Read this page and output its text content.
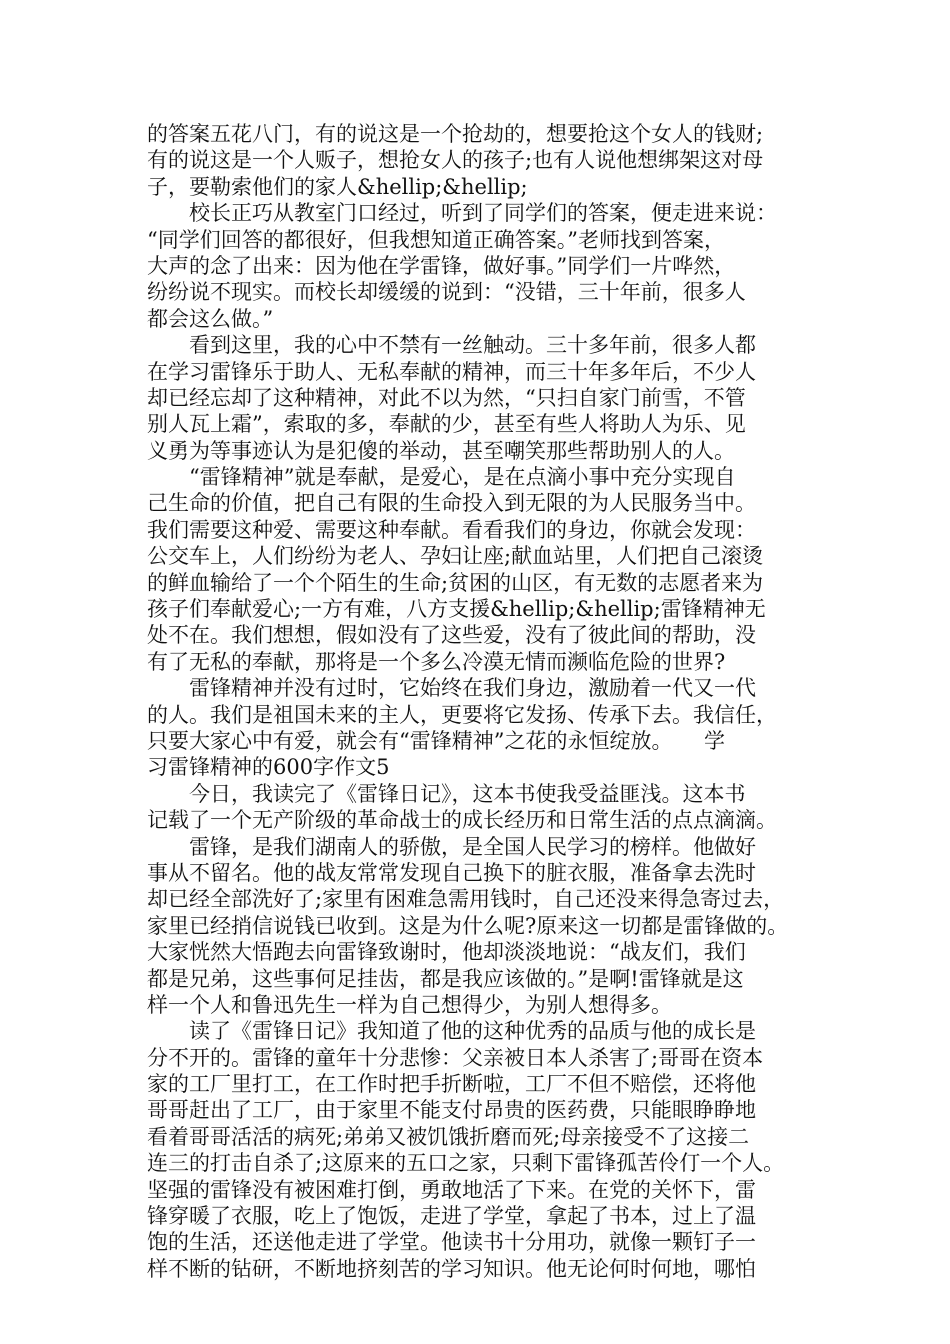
的答案五花八门，有的说这是一个抢劫的，想要抢这个女人的钱财;
有的说这是一个人贩子，想抢女人的孩子;也有人说他想绑架这对母
子，要勒索他们的家人&hellip;&hellip;
　　校长正巧从教室门口经过，听到了同学们的答案，便走进来说：
“同学们回答的都很好，但我想知道正确答案。”老师找到答案，
大声的念了出来：因为他在学雷锋，做好事。”同学们一片哗然，
纷纷说不现实。而校长却缓缓的说到：“没错，三十年前，很多人
都会这么做。”
　　看到这里，我的心中不禁有一丝触动。三十多年前，很多人都
在学习雷锋乐于助人、无私奉献的精神，而三十年多年后，不少人
却已经忘却了这种精神，对此不以为然，“只扫自家门前雪，不管
别人瓦上霜”，索取的多，奉献的少，甚至有些人将助人为乐、见
义勇为等事迹认为是犯傻的举动，甚至嘲笑那些帮助别人的人。
　　“雷锋精神”就是奉献，是爱心，是在点滴小事中充分实现自
己生命的价值，把自己有限的生命投入到无限的为人民服务当中。
我们需要这种爱、需要这种奉献。看看我们的身边，你就会发现：
公交车上，人们纷纷为老人、孕妇让座;献血站里，人们把自己滚烫
的鲜血输给了一个个陌生的生命;贫困的山区，有无数的志愿者来为
孩子们奉献爱心;一方有难，八方支援&hellip;&hellip;雷锋精神无
处不在。我们想想，假如没有了这些爱，没有了彼此间的帮助，没
有了无私的奉献，那将是一个多么冷漠无情而濒临危险的世界?
　　雷锋精神并没有过时，它始终在我们身边，激励着一代又一代
的人。我们是祖国未来的主人，更要将它发扬、传承下去。我信任，
只要大家心中有爱，就会有“雷锋精神”之花的永恒绽放。　　学
习雷锋精神的600字作文5
　　今日，我读完了《雷锋日记》，这本书使我受益匪浅。这本书
记载了一个无产阶级的革命战士的成长经历和日常生活的点点滴滴。
　　雷锋，是我们湖南人的骄傲，是全国人民学习的榜样。他做好
事从不留名。他的战友常常发现自己换下的脏衣服，准备拿去洗时
却已经全部洗好了;家里有困难急需用钱时，自己还没来得急寄过去，
家里已经捎信说钱已收到。这是为什么呢?原来这一切都是雷锋做的。
大家恍然大悟跑去向雷锋致谢时，他却淡淡地说：“战友们，我们
都是兄弟，这些事何足挂齿，都是我应该做的。”是啊!雷锋就是这
样一个人和鲁迅先生一样为自己想得少，为别人想得多。
　　读了《雷锋日记》我知道了他的这种优秀的品质与他的成长是
分不开的。雷锋的童年十分悲惨：父亲被日本人杀害了;哥哥在资本
家的工厂里打工，在工作时把手折断啦，工厂不但不赔偿，还将他
哥哥赶出了工厂，由于家里不能支付昂贵的医药费，只能眼睁睁地
看着哥哥活活的病死;弟弟又被饥饿折磨而死;母亲接受不了这接二
连三的打击自杀了;这原来的五口之家，只剩下雷锋孤苦伶仃一个人。
坚强的雷锋没有被困难打倒，勇敢地活了下来。在党的关怀下，雷
锋穿暖了衣服，吃上了饱饭，走进了学堂，拿起了书本，过上了温
饱的生活，还送他走进了学堂。他读书十分用功，就像一颗钉子一
样不断的钻研，不断地挤刻苦的学习知识。他无论何时何地，哪怕
